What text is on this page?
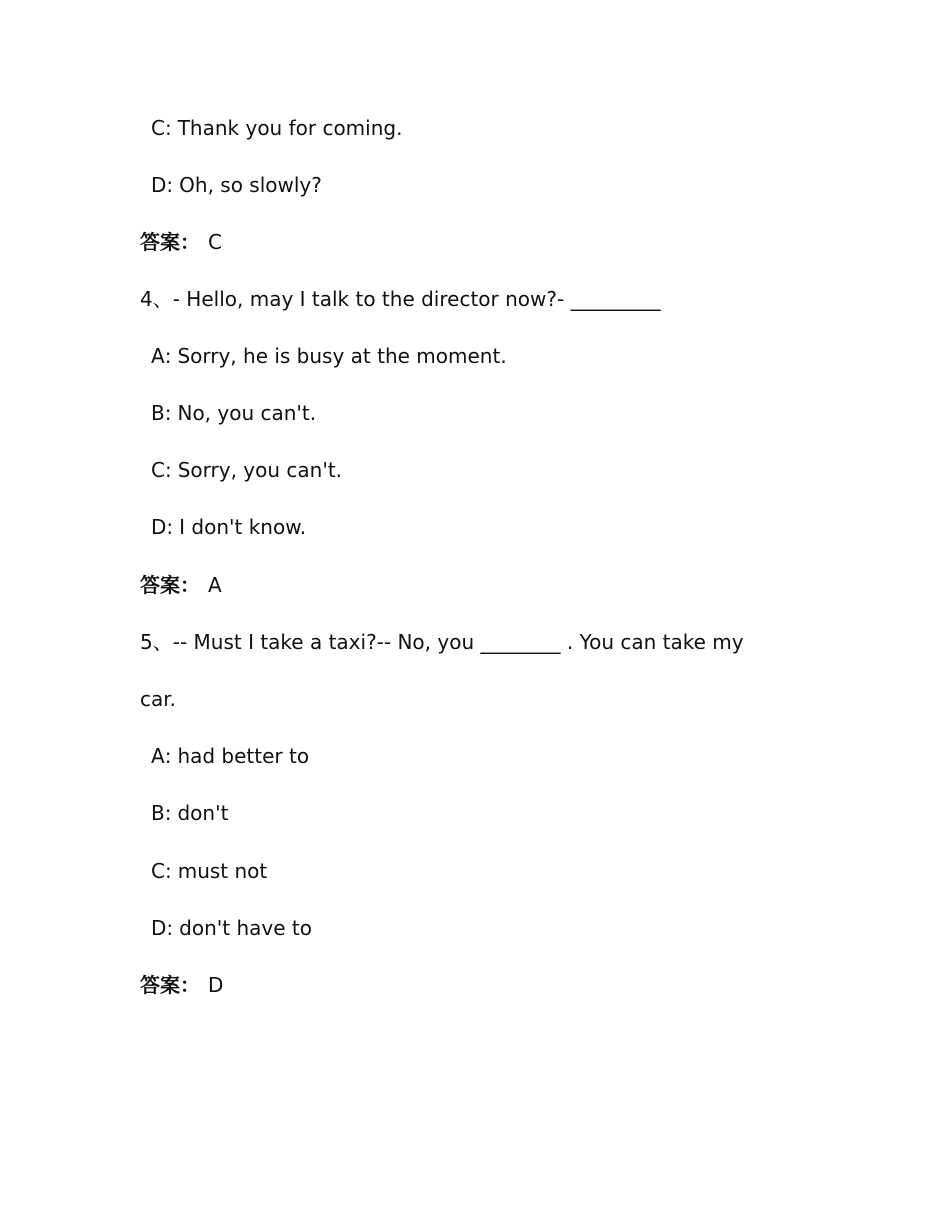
C: Thank you for coming.
D: Oh, so slowly?
答案： C
4、- Hello, may I talk to the director now?- _________
A: Sorry, he is busy at the moment.
B: No, you can't.
C: Sorry, you can't.
D: I don't know.
答案： A
5、-- Must I take a taxi?-- No, you ________ . You can take my
car.
A: had better to
B: don't
C: must not
D: don't have to
答案： D
